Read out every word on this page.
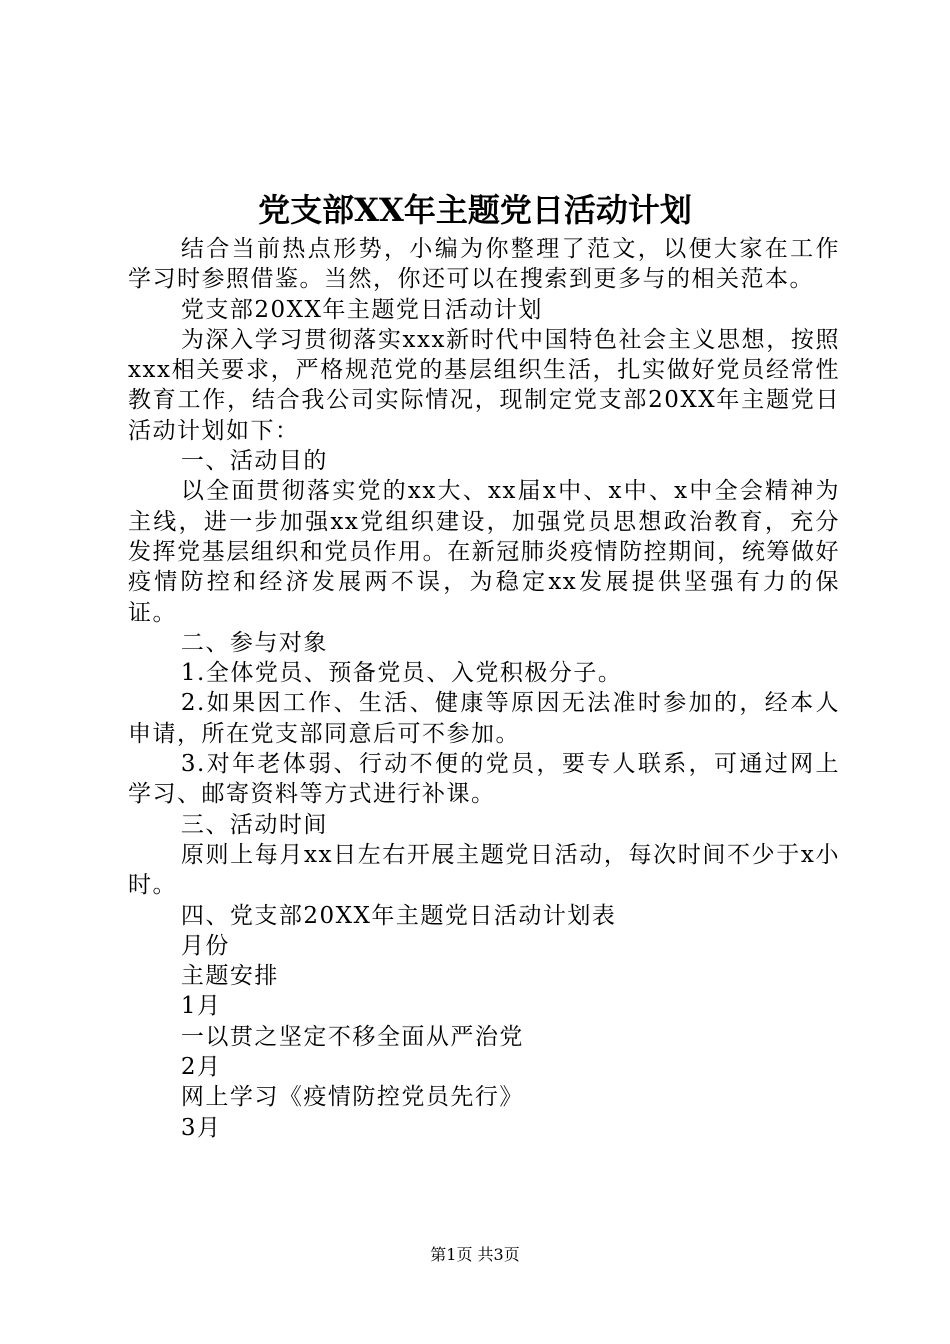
党支部XX年主题党日活动计划

结合当前热点形势，小编为你整理了范文，以便大家在工作学习时参照借鉴。当然，你还可以在搜索到更多与的相关范本。

党支部20XX年主题党日活动计划

为深入学习贯彻落实xxx新时代中国特色社会主义思想，按照xxx相关要求，严格规范党的基层组织生活，扎实做好党员经常性教育工作，结合我公司实际情况，现制定党支部20XX年主题党日活动计划如下：

一、活动目的

以全面贯彻落实党的xx大、xx届x中、x中、x中全会精神为主线，进一步加强xx党组织建设，加强党员思想政治教育，充分发挥党基层组织和党员作用。在新冠肺炎疫情防控期间，统筹做好疫情防控和经济发展两不误，为稳定xx发展提供坚强有力的保证。

二、参与对象

1.全体党员、预备党员、入党积极分子。

2.如果因工作、生活、健康等原因无法准时参加的，经本人申请，所在党支部同意后可不参加。

3.对年老体弱、行动不便的党员，要专人联系，可通过网上学习、邮寄资料等方式进行补课。

三、活动时间

原则上每月xx日左右开展主题党日活动，每次时间不少于x小时。

四、党支部20XX年主题党日活动计划表

月份

主题安排

1月

一以贯之坚定不移全面从严治党

2月

网上学习《疫情防控党员先行》

3月

第1页 共3页
